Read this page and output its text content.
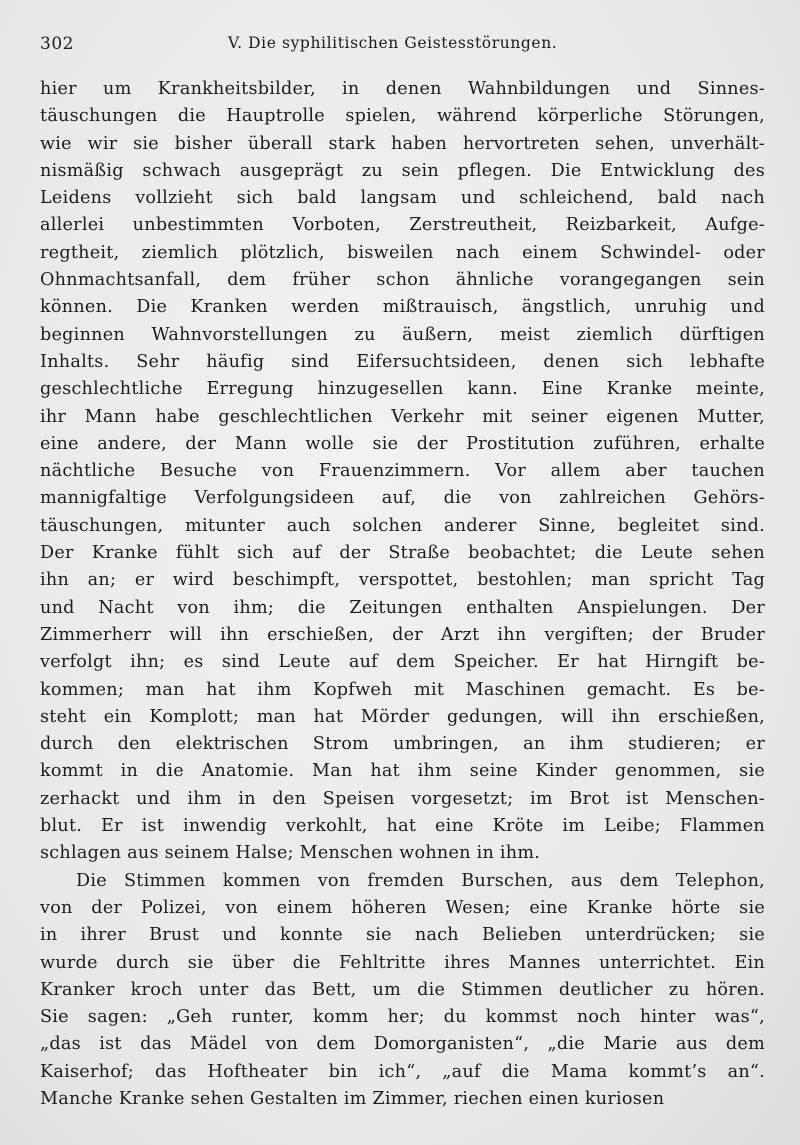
302	V. Die syphilitischen Geistesstörungen.
hier um Krankheitsbilder, in denen Wahnbildungen und Sinnes-
täuschungen die Hauptrolle spielen, während körperliche Störungen,
wie wir sie bisher überall stark haben hervortreten sehen, unverhält-
nismäßig schwach ausgeprägt zu sein pflegen. Die Entwicklung des
Leidens vollzieht sich bald langsam und schleichend, bald nach
allerlei unbestimmten Vorboten, Zerstreutheit, Reizbarkeit, Aufge-
regtheit, ziemlich plötzlich, bisweilen nach einem Schwindel- oder
Ohnmachtsanfall, dem früher schon ähnliche vorangegangen sein
können. Die Kranken werden mißtrauisch, ängstlich, unruhig und
beginnen Wahnvorstellungen zu äußern, meist ziemlich dürftigen
Inhalts. Sehr häufig sind Eifersuchtsideen, denen sich lebhafte
geschlechtliche Erregung hinzugesellen kann. Eine Kranke meinte,
ihr Mann habe geschlechtlichen Verkehr mit seiner eigenen Mutter,
eine andere, der Mann wolle sie der Prostitution zuführen, erhalte
nächtliche Besuche von Frauenzimmern. Vor allem aber tauchen
mannigfaltige Verfolgungsideen auf, die von zahlreichen Gehörs-
täuschungen, mitunter auch solchen anderer Sinne, begleitet sind.
Der Kranke fühlt sich auf der Straße beobachtet; die Leute sehen
ihn an; er wird beschimpft, verspottet, bestohlen; man spricht Tag
und Nacht von ihm; die Zeitungen enthalten Anspielungen. Der
Zimmerherr will ihn erschießen, der Arzt ihn vergiften; der Bruder
verfolgt ihn; es sind Leute auf dem Speicher. Er hat Hirngift be-
kommen; man hat ihm Kopfweh mit Maschinen gemacht. Es be-
steht ein Komplott; man hat Mörder gedungen, will ihn erschießen,
durch den elektrischen Strom umbringen, an ihm studieren; er
kommt in die Anatomie. Man hat ihm seine Kinder genommen, sie
zerhackt und ihm in den Speisen vorgesetzt; im Brot ist Menschen-
blut. Er ist inwendig verkohlt, hat eine Kröte im Leibe; Flammen
schlagen aus seinem Halse; Menschen wohnen in ihm.
Die Stimmen kommen von fremden Burschen, aus dem Telephon,
von der Polizei, von einem höheren Wesen; eine Kranke hörte sie
in ihrer Brust und konnte sie nach Belieben unterdrücken; sie
wurde durch sie über die Fehltritte ihres Mannes unterrichtet. Ein
Kranker kroch unter das Bett, um die Stimmen deutlicher zu hören.
Sie sagen: „Geh runter, komm her; du kommst noch hinter was“,
„das ist das Mädel von dem Domorganisten“, „die Marie aus dem
Kaiserhof; das Hoftheater bin ich“, „auf die Mama kommt’s an“.
Manche Kranke sehen Gestalten im Zimmer, riechen einen kuriosen
